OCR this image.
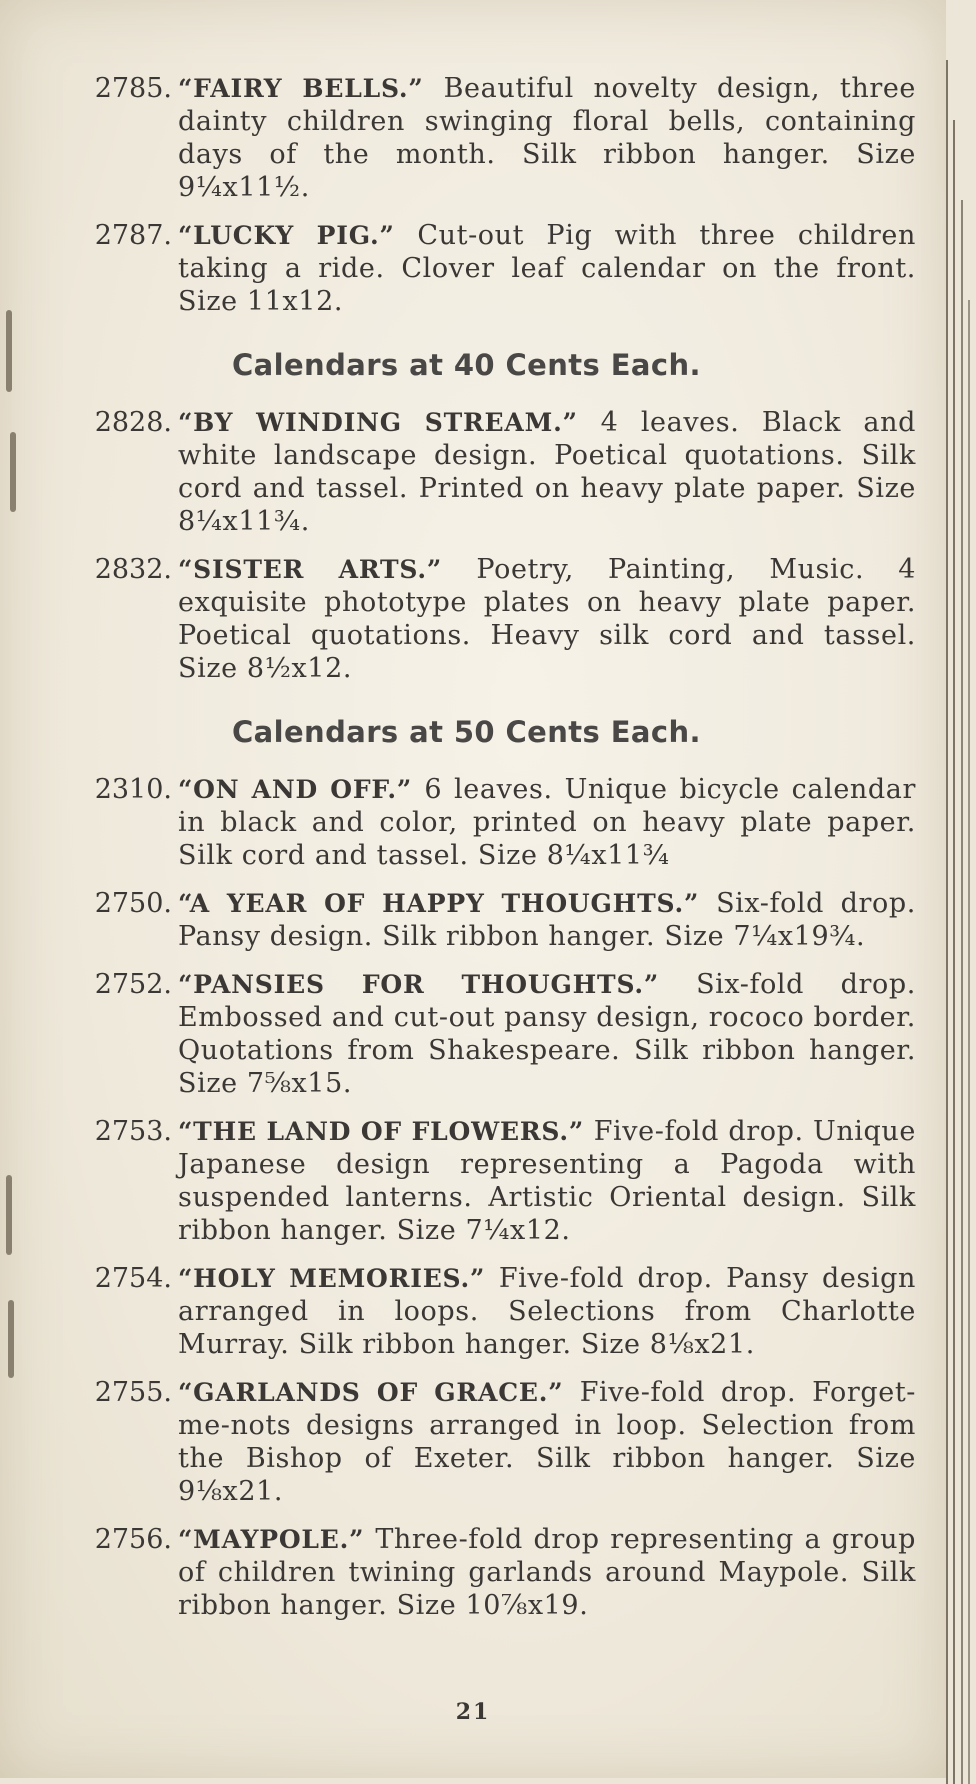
2785. “FAIRY BELLS.” Beautiful novelty design, three dainty children swinging floral bells, containing days of the month. Silk ribbon hanger. Size 9¼x11½.
2787. “LUCKY PIG.” Cut-out Pig with three children taking a ride. Clover leaf calendar on the front. Size 11x12.
Calendars at 40 Cents Each.
2828. “BY WINDING STREAM.” 4 leaves. Black and white landscape design. Poetical quotations. Silk cord and tassel. Printed on heavy plate paper. Size 8¼x11¾.
2832. “SISTER ARTS.” Poetry, Painting, Music. 4 exquisite phototype plates on heavy plate paper. Poetical quotations. Heavy silk cord and tassel. Size 8½x12.
Calendars at 50 Cents Each.
2310. “ON AND OFF.” 6 leaves. Unique bicycle calendar in black and color, printed on heavy plate paper. Silk cord and tassel. Size 8¼x11¾
2750. “A YEAR OF HAPPY THOUGHTS.” Six-fold drop. Pansy design. Silk ribbon hanger. Size 7¼x19¾.
2752. “PANSIES FOR THOUGHTS.” Six-fold drop. Embossed and cut-out pansy design, rococo border. Quotations from Shakespeare. Silk ribbon hanger. Size 7⅝x15.
2753. “THE LAND OF FLOWERS.” Five-fold drop. Unique Japanese design representing a Pagoda with suspended lanterns. Artistic Oriental design. Silk ribbon hanger. Size 7¼x12.
2754. “HOLY MEMORIES.” Five-fold drop. Pansy design arranged in loops. Selections from Charlotte Murray. Silk ribbon hanger. Size 8⅛x21.
2755. “GARLANDS OF GRACE.” Five-fold drop. Forget-me-nots designs arranged in loop. Selection from the Bishop of Exeter. Silk ribbon hanger. Size 9⅛x21.
2756. “MAYPOLE.” Three-fold drop representing a group of children twining garlands around Maypole. Silk ribbon hanger. Size 10⅞x19.
21
